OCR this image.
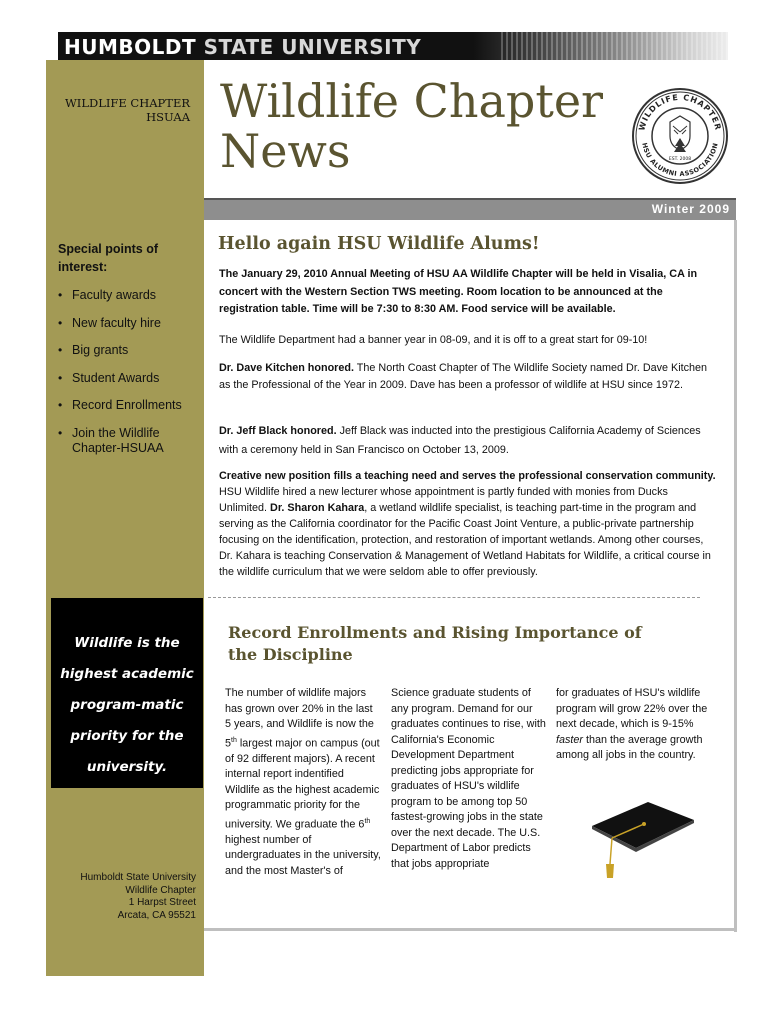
HUMBOLDT STATE UNIVERSITY
WILDLIFE CHAPTER
HSUAA
Special points of interest:
• Faculty awards
• New faculty hire
• Big grants
• Student Awards
• Record Enrollments
• Join the Wildlife Chapter-HSUAA
Wildlife is the highest academic program-matic priority for the university.
Humboldt State University
Wildlife Chapter
1 Harpst Street
Arcata, CA 95521
Wildlife Chapter
News	WILDLIFE CHAPTER
HSU ALUMNI ASSOCIATION
EST. 2008
Winter 2009
Hello again HSU Wildlife Alums!
The January 29, 2010 Annual Meeting of HSU AA Wildlife Chapter will be held in Visalia, CA in concert with the Western Section TWS meeting. Room location to be announced at the registration table. Time will be 7:30 to 8:30 AM. Food service will be available.
The Wildlife Department had a banner year in 08-09, and it is off to a great start for 09-10!
Dr. Dave Kitchen honored. The North Coast Chapter of The Wildlife Society named Dr. Dave Kitchen as the Professional of the Year in 2009. Dave has been a professor of wildlife at HSU since 1972.
Dr. Jeff Black honored. Jeff Black was inducted into the prestigious California Academy of Sciences with a ceremony held in San Francisco on October 13, 2009.
Creative new position fills a teaching need and serves the professional conservation community. HSU Wildlife hired a new lecturer whose appointment is partly funded with monies from Ducks Unlimited. Dr. Sharon Kahara, a wetland wildlife specialist, is teaching part-time in the program and serving as the California coordinator for the Pacific Coast Joint Venture, a public-private partnership focusing on the identification, protection, and restoration of important wetlands. Among other courses, Dr. Kahara is teaching Conservation & Management of Wetland Habitats for Wildlife, a critical course in the wildlife curriculum that we were seldom able to offer previously.
Record Enrollments and Rising Importance of the Discipline
The number of wildlife majors has grown over 20% in the last 5 years, and Wildlife is now the 5th largest major on campus (out of 92 different majors). A recent internal report indentified Wildlife as the highest academic programmatic priority for the university. We graduate the 6th highest number of undergraduates in the university, and the most Master's of
Science graduate students of any program. Demand for our graduates continues to rise, with California's Economic Development Department predicting jobs appropriate for graduates of HSU's wildlife program to be among top 50 fastest-growing jobs in the state over the next decade. The U.S. Department of Labor predicts that jobs appropriate
for graduates of HSU's wildlife program will grow 22% over the next decade, which is 9-15% faster than the average growth among all jobs in the country.
